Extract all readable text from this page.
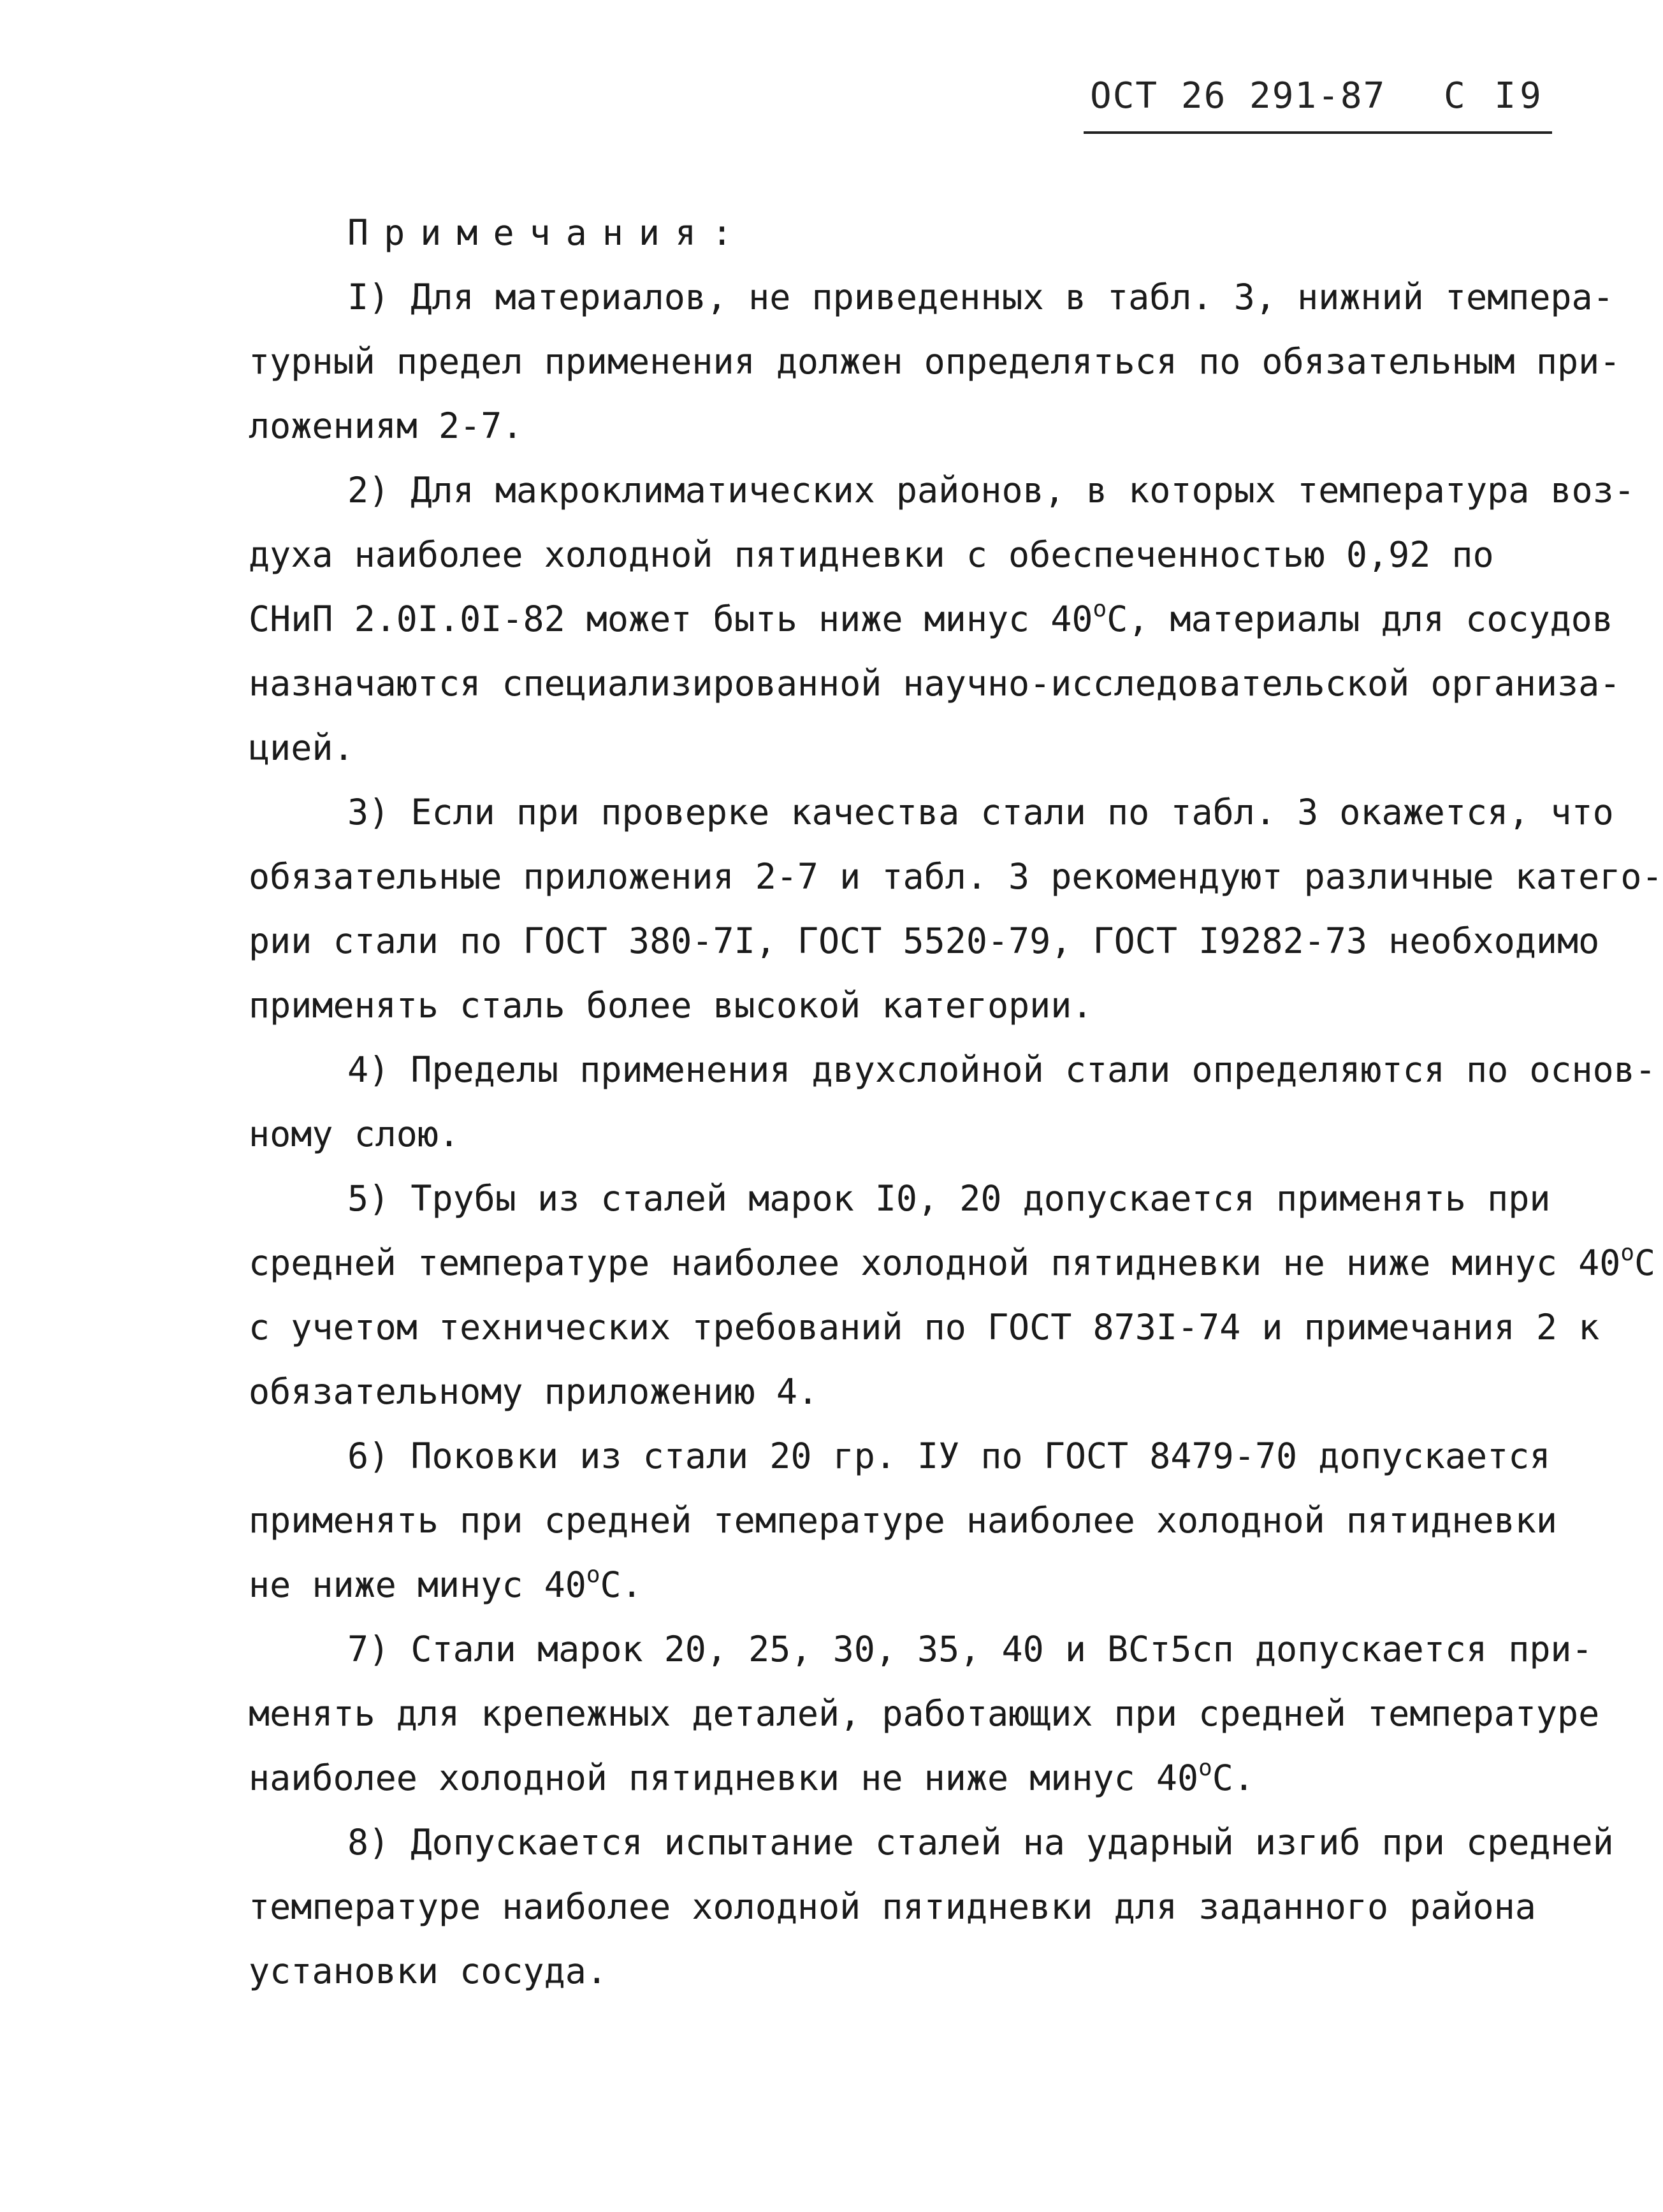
ОСТ 26 291-87 С I9
Примечания:
I) Для материалов, не приведенных в табл. 3, нижний темпера-
турный предел применения должен определяться по обязательным при-
ложениям 2-7.
2) Для макроклиматических районов, в которых температура воз-
духа наиболее холодной пятидневки с обеспеченностью 0,92 по
СНиП 2.0I.0I-82 может быть ниже минус $40^оС$, материалы для сосудов
назначаются специализированной научно-исследовательской организа-
цией.
3) Если при проверке качества стали по табл. 3 окажется, что
обязательные приложения 2-7 и табл. 3 рекомендуют различные катего-
рии стали по ГОСТ 380-7I, ГОСТ 5520-79, ГОСТ I9282-73 необходимо
применять сталь более высокой категории.
4) Пределы применения двухслойной стали определяются по основ-
ному слою.
5) Трубы из сталей марок I0, 20 допускается применять при
средней температуре наиболее холодной пятидневки не ниже минус $40^оС$
с учетом технических требований по ГОСТ 873I-74 и примечания 2 к
обязательному приложению 4.
6) Поковки из стали 20 гр. IУ по ГОСТ 8479-70 допускается
применять при средней температуре наиболее холодной пятидневки
не ниже минус $40^оС$.
7) Стали марок 20, 25, 30, 35, 40 и ВСт5сп допускается при-
менять для крепежных деталей, работающих при средней температуре
наиболее холодной пятидневки не ниже минус $40^оС$.
8) Допускается испытание сталей на ударный изгиб при средней
температуре наиболее холодной пятидневки для заданного района
установки сосуда.
